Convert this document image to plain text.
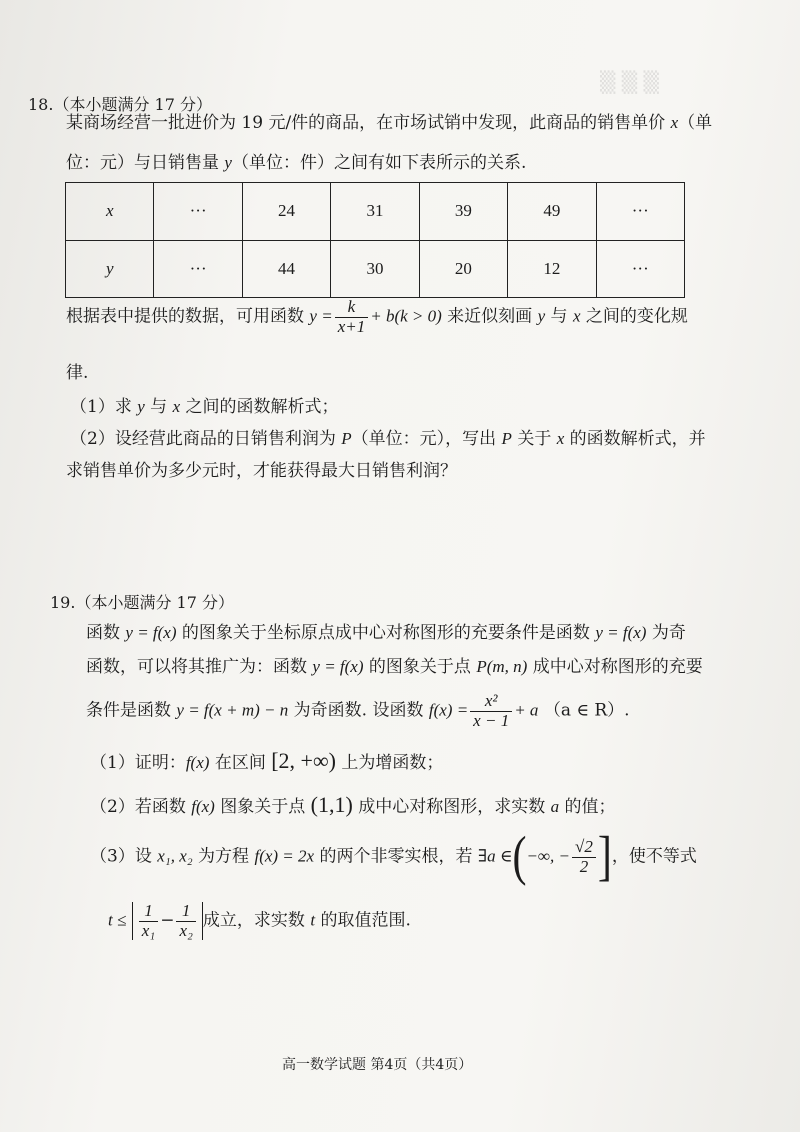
▒ ▒ ▒
18.（本小题满分 17 分）
某商场经营一批进价为 19 元/件的商品，在市场试销中发现，此商品的销售单价 x（单
位：元）与日销售量 y（单位：件）之间有如下表所示的关系.
x	···	24	31	39	49	···
y	···	44	30	20	12	···
根据表中提供的数据，可用函数 $y = \frac{k}{x+1} + b(k > 0)$ 来近似刻画 y 与 x 之间的变化规
律.
（1）求 y 与 x 之间的函数解析式；
（2）设经营此商品的日销售利润为 P（单位：元），写出 P 关于 x 的函数解析式，并
求销售单价为多少元时，才能获得最大日销售利润？
19.（本小题满分 17 分）
函数 y = f(x) 的图象关于坐标原点成中心对称图形的充要条件是函数 y = f(x) 为奇
函数，可以将其推广为：函数 y = f(x) 的图象关于点 P(m, n) 成中心对称图形的充要
条件是函数 y = f(x + m) − n 为奇函数. 设函数 $f(x) = \frac{\text{x²}}{x - 1} + a$ （a ∈ R）.
（1）证明：f(x) 在区间 [2, +∞) 上为增函数；
（2）若函数 f(x) 图象关于点 (1,1) 成中心对称图形，求实数 a 的值；
（3）设 x₁, x₂ 为方程 f(x) = 2x 的两个非零实根，若 ∃a ∈(−∞, − $\frac{√2}{2}$ ]，使不等式
$t \le \frac{1}{\text{x₁}} - \frac{1}{\text{x₂}}$ 成立，求实数 t 的取值范围.
高一数学试题 第4页（共4页）
